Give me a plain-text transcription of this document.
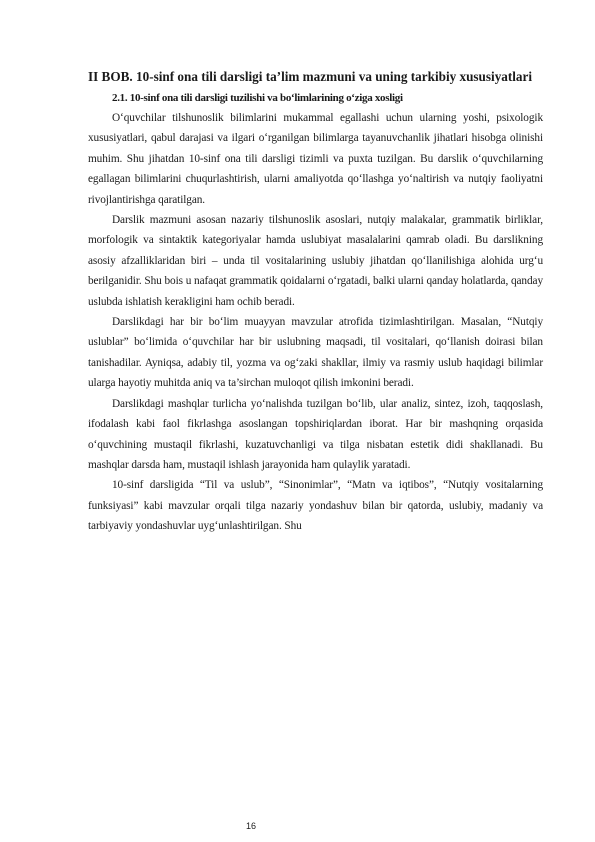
II BOB. 10-sinf ona tili darsligi ta’lim mazmuni va uning tarkibiy xususiyatlari
2.1. 10-sinf ona tili darsligi tuzilishi va bo‘limlarining o‘ziga xosligi

O‘quvchilar tilshunoslik bilimlarini mukammal egallashi uchun ularning yoshi, psixologik xususiyatlari, qabul darajasi va ilgari o‘rganilgan bilimlarga tayanuvchanlik jihatlari hisobga olinishi muhim. Shu jihatdan 10-sinf ona tili darsligi tizimli va puxta tuzilgan. Bu darslik o‘quvchilarning egallagan bilimlarini chuqurlashtirish, ularni amaliyotda qo‘llashga yo‘naltirish va nutqiy faoliyatni rivojlantirishga qaratilgan.

Darslik mazmuni asosan nazariy tilshunoslik asoslari, nutqiy malakalar, grammatik birliklar, morfologik va sintaktik kategoriyalar hamda uslubiyat masalalarini qamrab oladi. Bu darslikning asosiy afzalliklaridan biri – unda til vositalarining uslubiy jihatdan qo‘llanilishiga alohida urg‘u berilganidir. Shu bois u nafaqat grammatik qoidalarni o‘rgatadi, balki ularni qanday holatlarda, qanday uslubda ishlatish kerakligini ham ochib beradi.

Darslikdagi har bir bo‘lim muayyan mavzular atrofida tizimlashtirilgan. Masalan, “Nutqiy uslublar” bo‘limida o‘quvchilar har bir uslubning maqsadi, til vositalari, qo‘llanish doirasi bilan tanishadilar. Ayniqsa, adabiy til, yozma va og‘zaki shakllar, ilmiy va rasmiy uslub haqidagi bilimlar ularga hayotiy muhitda aniq va ta’sirchan muloqot qilish imkonini beradi.

Darslikdagi mashqlar turlicha yo‘nalishda tuzilgan bo‘lib, ular analiz, sintez, izoh, taqqoslash, ifodalash kabi faol fikrlashga asoslangan topshiriqlardan iborat. Har bir mashqning orqasida o‘quvchining mustaqil fikrlashi, kuzatuvchanligi va tilga nisbatan estetik didi shakllanadi. Bu mashqlar darsda ham, mustaqil ishlash jarayonida ham qulaylik yaratadi.

10-sinf darsligida “Til va uslub”, “Sinonimlar”, “Matn va iqtibos”, “Nutqiy vositalarning funksiyasi” kabi mavzular orqali tilga nazariy yondashuv bilan bir qatorda, uslubiy, madaniy va tarbiyaviy yondashuvlar uyg‘unlashtirilgan. Shu

16
